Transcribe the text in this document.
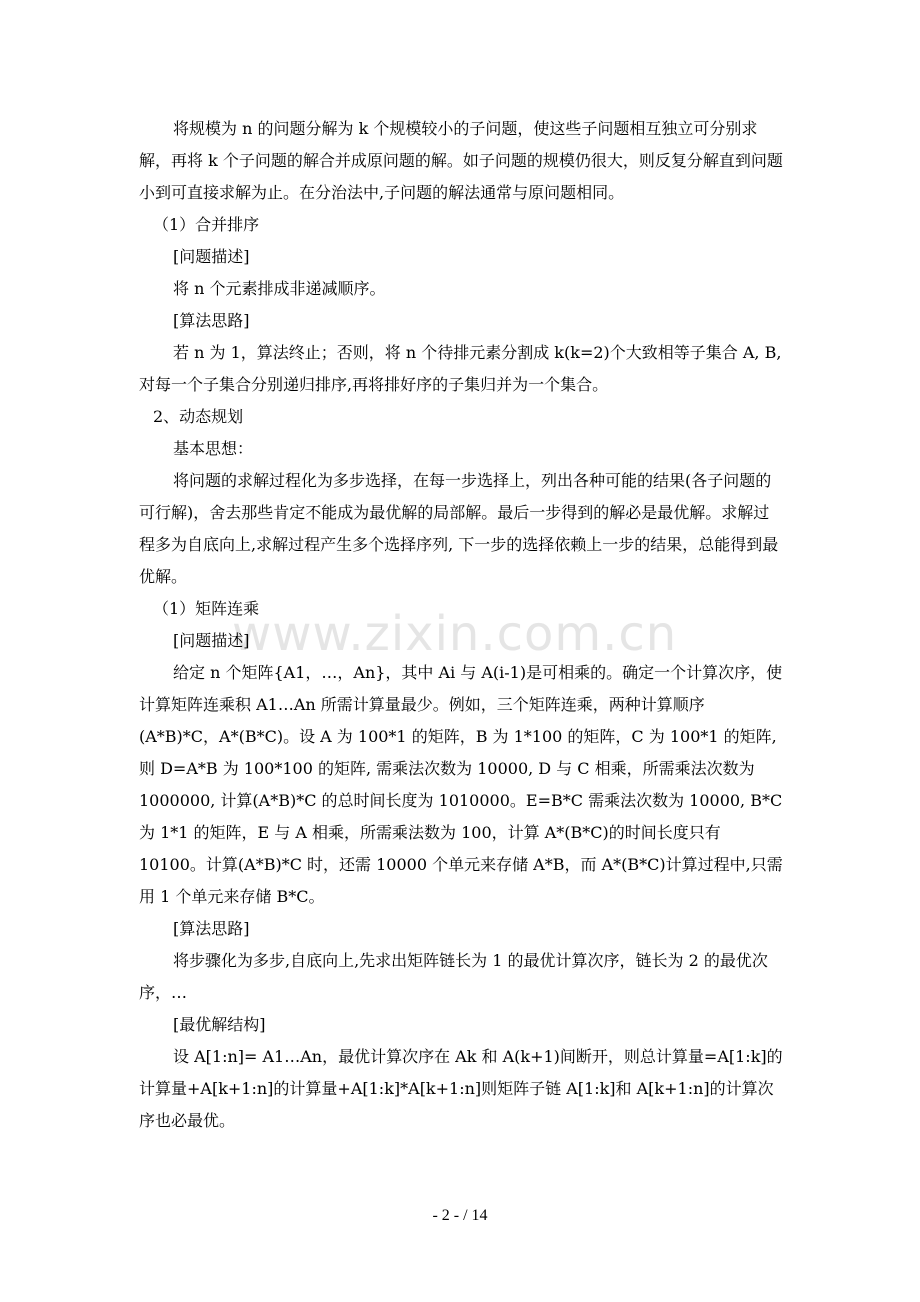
www.zixin.com.cn

将规模为 n 的问题分解为 k 个规模较小的子问题，使这些子问题相互独立可分别求解，再将 k 个子问题的解合并成原问题的解。如子问题的规模仍很大，则反复分解直到问题小到可直接求解为止。在分治法中,子问题的解法通常与原问题相同。

（1）合并排序

[问题描述]

将 n 个元素排成非递减顺序。

[算法思路]

若 n 为 1，算法终止；否则，将 n 个待排元素分割成 k(k=2)个大致相等子集合 A, B, 对每一个子集合分别递归排序,再将排好序的子集归并为一个集合。

2、动态规划

基本思想：

将问题的求解过程化为多步选择，在每一步选择上，列出各种可能的结果(各子问题的可行解)，舍去那些肯定不能成为最优解的局部解。最后一步得到的解必是最优解。求解过程多为自底向上,求解过程产生多个选择序列, 下一步的选择依赖上一步的结果，总能得到最优解。

（1）矩阵连乘

[问题描述]

给定 n 个矩阵{A1，…，An}，其中 Ai 与 A(i-1)是可相乘的。确定一个计算次序，使计算矩阵连乘积 A1…An 所需计算量最少。例如，三个矩阵连乘，两种计算顺序(A*B)*C，A*(B*C)。设 A 为 100*1 的矩阵，B 为 1*100 的矩阵，C 为 100*1 的矩阵, 则 D=A*B 为 100*100 的矩阵, 需乘法次数为 10000, D 与 C 相乘，所需乘法次数为 1000000, 计算(A*B)*C 的总时间长度为 1010000。E=B*C 需乘法次数为 10000, B*C 为 1*1 的矩阵，E 与 A 相乘，所需乘法数为 100，计算 A*(B*C)的时间长度只有 10100。计算(A*B)*C 时，还需 10000 个单元来存储 A*B，而 A*(B*C)计算过程中,只需用 1 个单元来存储 B*C。

[算法思路]

将步骤化为多步,自底向上,先求出矩阵链长为 1 的最优计算次序，链长为 2 的最优次序，…

[最优解结构]

设 A[1:n]= A1…An，最优计算次序在 Ak 和 A(k+1)间断开，则总计算量=A[1:k]的计算量+A[k+1:n]的计算量+A[1:k]*A[k+1:n]则矩阵子链 A[1:k]和 A[k+1:n]的计算次序也必最优。

- 2 - / 14
